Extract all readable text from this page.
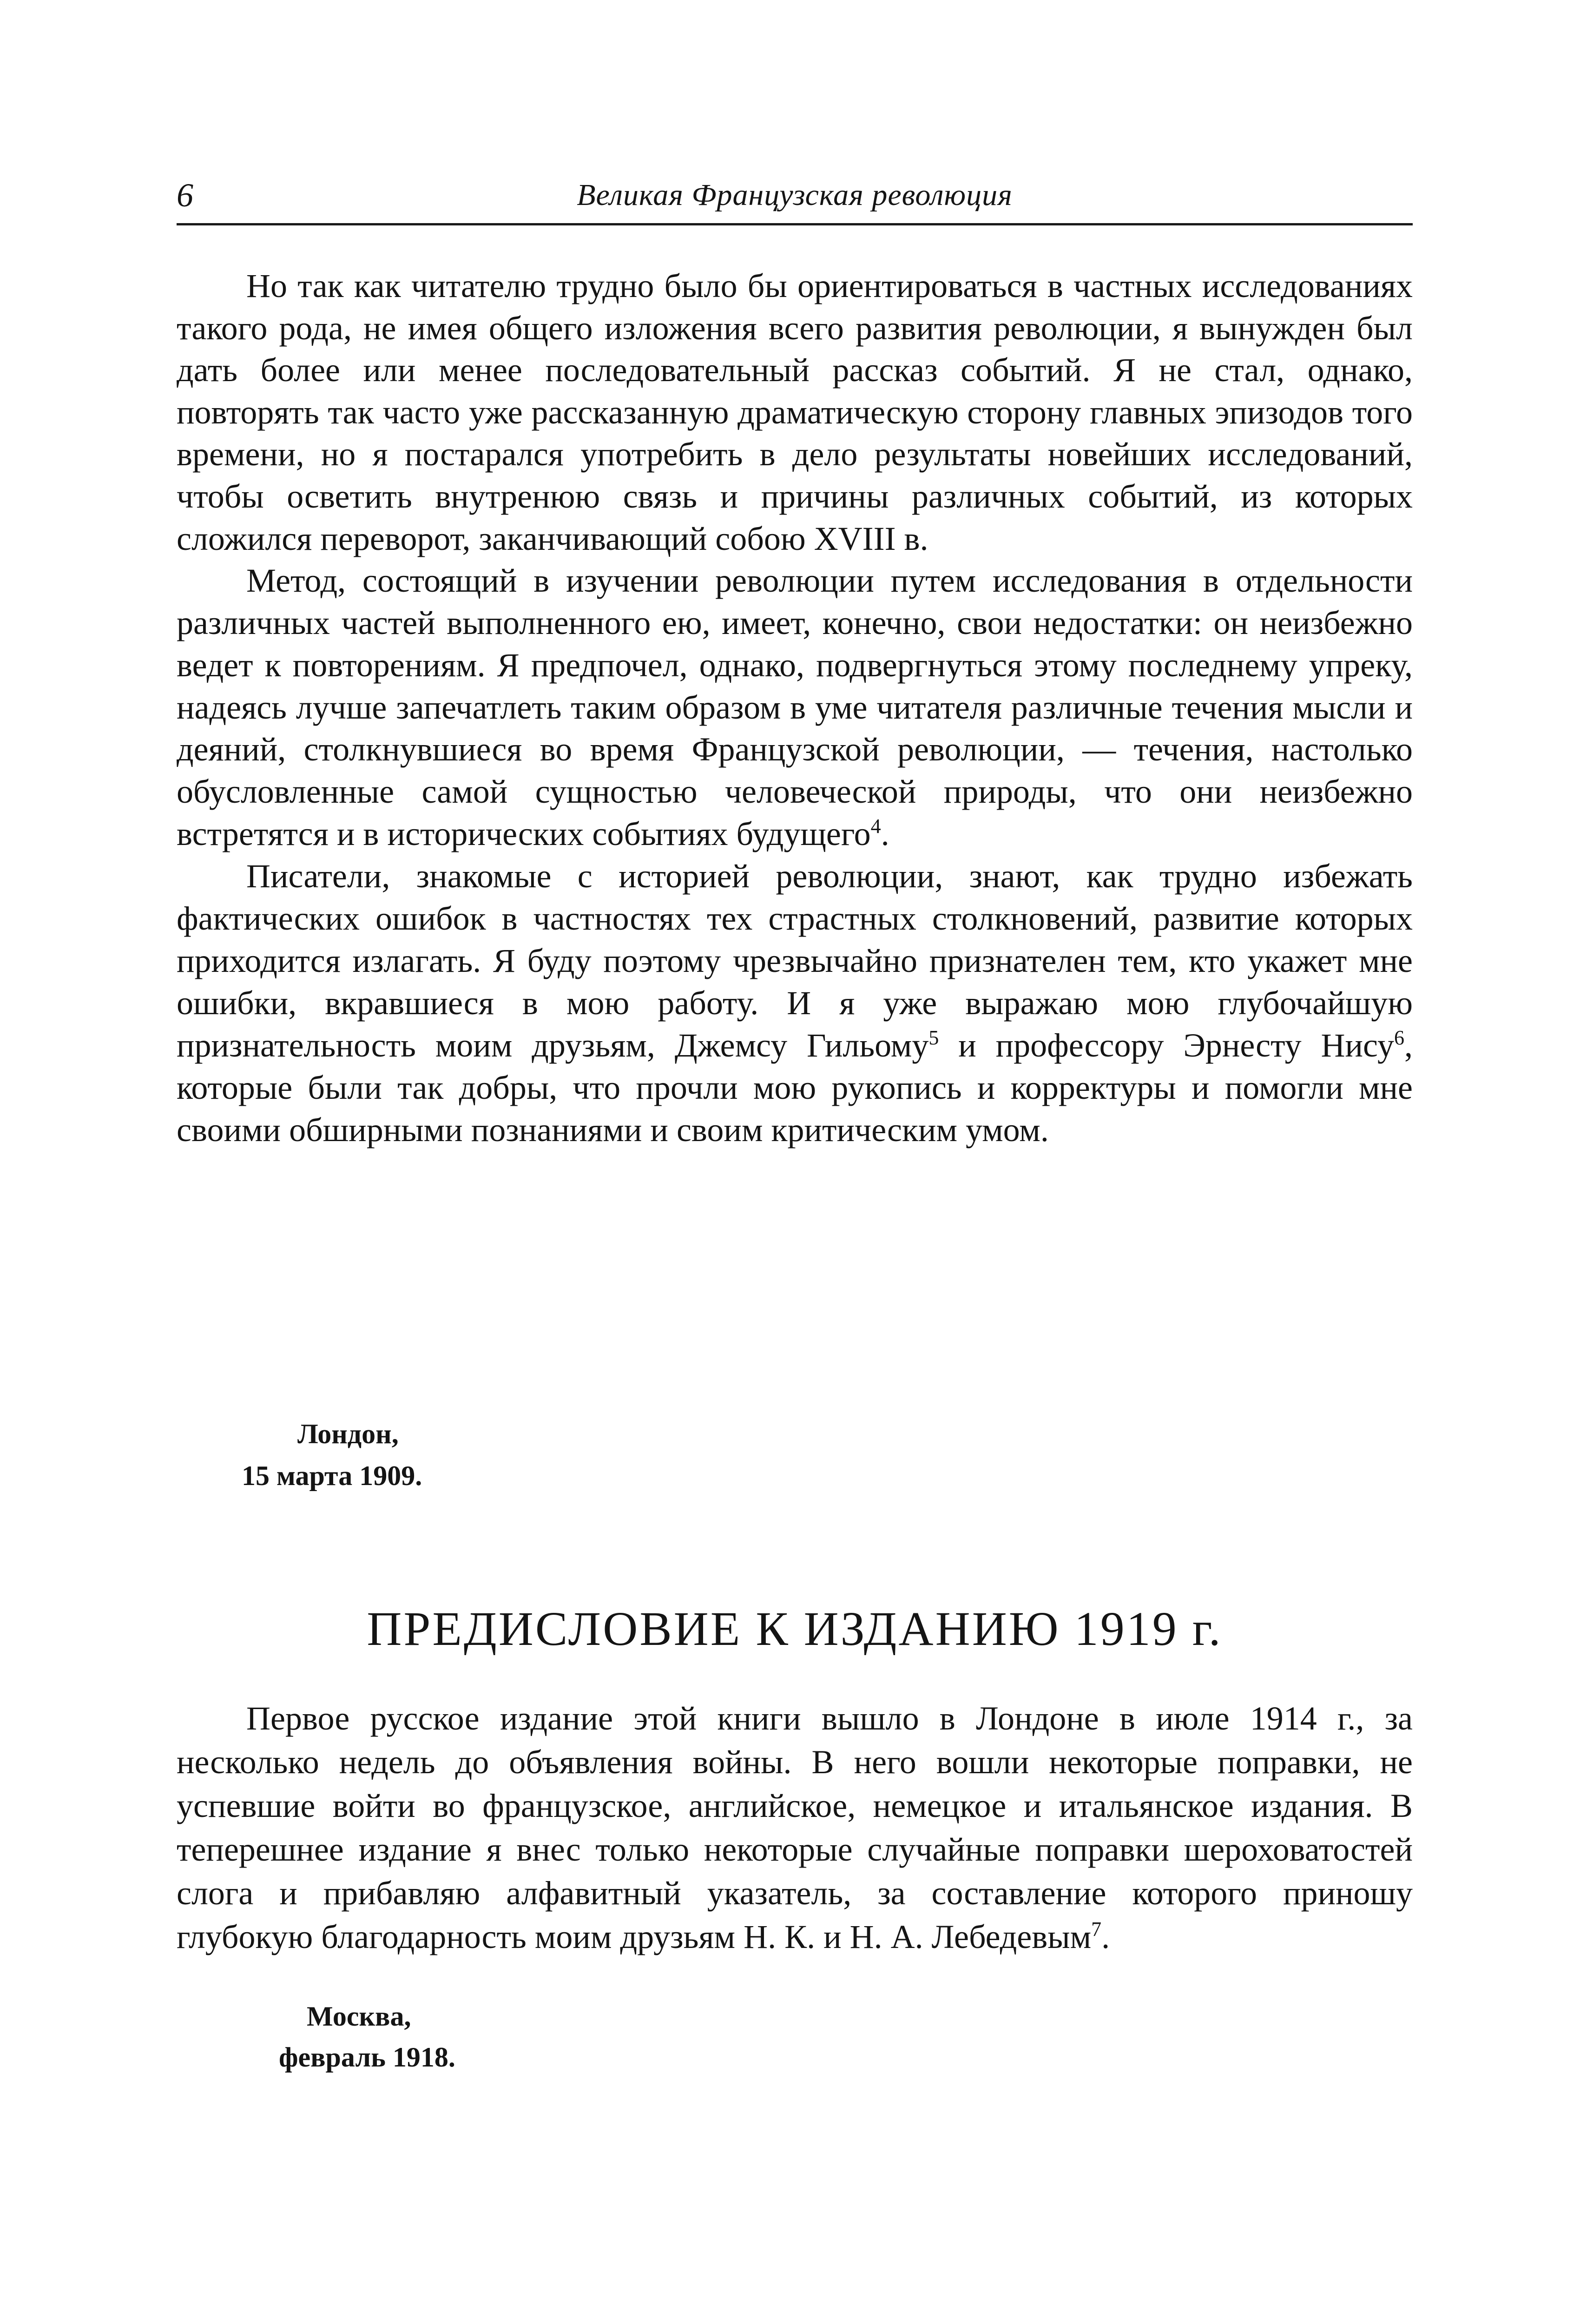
6	Великая Французская революция

Но так как читателю трудно было бы ориентироваться в частных исследованиях такого рода, не имея общего изложения всего развития революции, я вынужден был дать более или менее последовательный рассказ событий. Я не стал, однако, повторять так часто уже рассказанную драматическую сторону главных эпизодов того времени, но я постарался употребить в дело результаты новейших исследований, чтобы осветить внутренюю связь и причины различных событий, из которых сложился переворот, заканчивающий собою XVIII в.

Метод, состоящий в изучении революции путем исследования в отдельности различных частей выполненного ею, имеет, конечно, свои недостатки: он неизбежно ведет к повторениям. Я предпочел, однако, подвергнуться этому последнему упреку, надеясь лучше запечатлеть таким образом в уме читателя различные течения мысли и деяний, столкнувшиеся во время Французской революции, — течения, настолько обусловленные самой сущностью человеческой природы, что они неизбежно встретятся и в исторических событиях будущего$^4$.

Писатели, знакомые с историей революции, знают, как трудно избежать фактических ошибок в частностях тех страстных столкновений, развитие которых приходится излагать. Я буду поэтому чрезвычайно признателен тем, кто укажет мне ошибки, вкравшиеся в мою работу. И я уже выражаю мою глубочайшую признательность моим друзьям, Джемсу Гильому$^5$ и профессору Эрнесту Нису$^6$, которые были так добры, что прочли мою рукопись и корректуры и помогли мне своими обширными познаниями и своим критическим умом.

Лондон,
15 марта 1909.
ПРЕДИСЛОВИЕ К ИЗДАНИЮ 1919 г.

Первое русское издание этой книги вышло в Лондоне в июле 1914 г., за несколько недель до объявления войны. В него вошли некоторые поправки, не успевшие войти во французское, английское, немецкое и итальянское издания. В теперешнее издание я внес только некоторые случайные поправки шероховатостей слога и прибавляю алфавитный указатель, за составление которого приношу глубокую благодарность моим друзьям Н. К. и Н. А. Лебедевым$^7$.

Москва,
февраль 1918.
